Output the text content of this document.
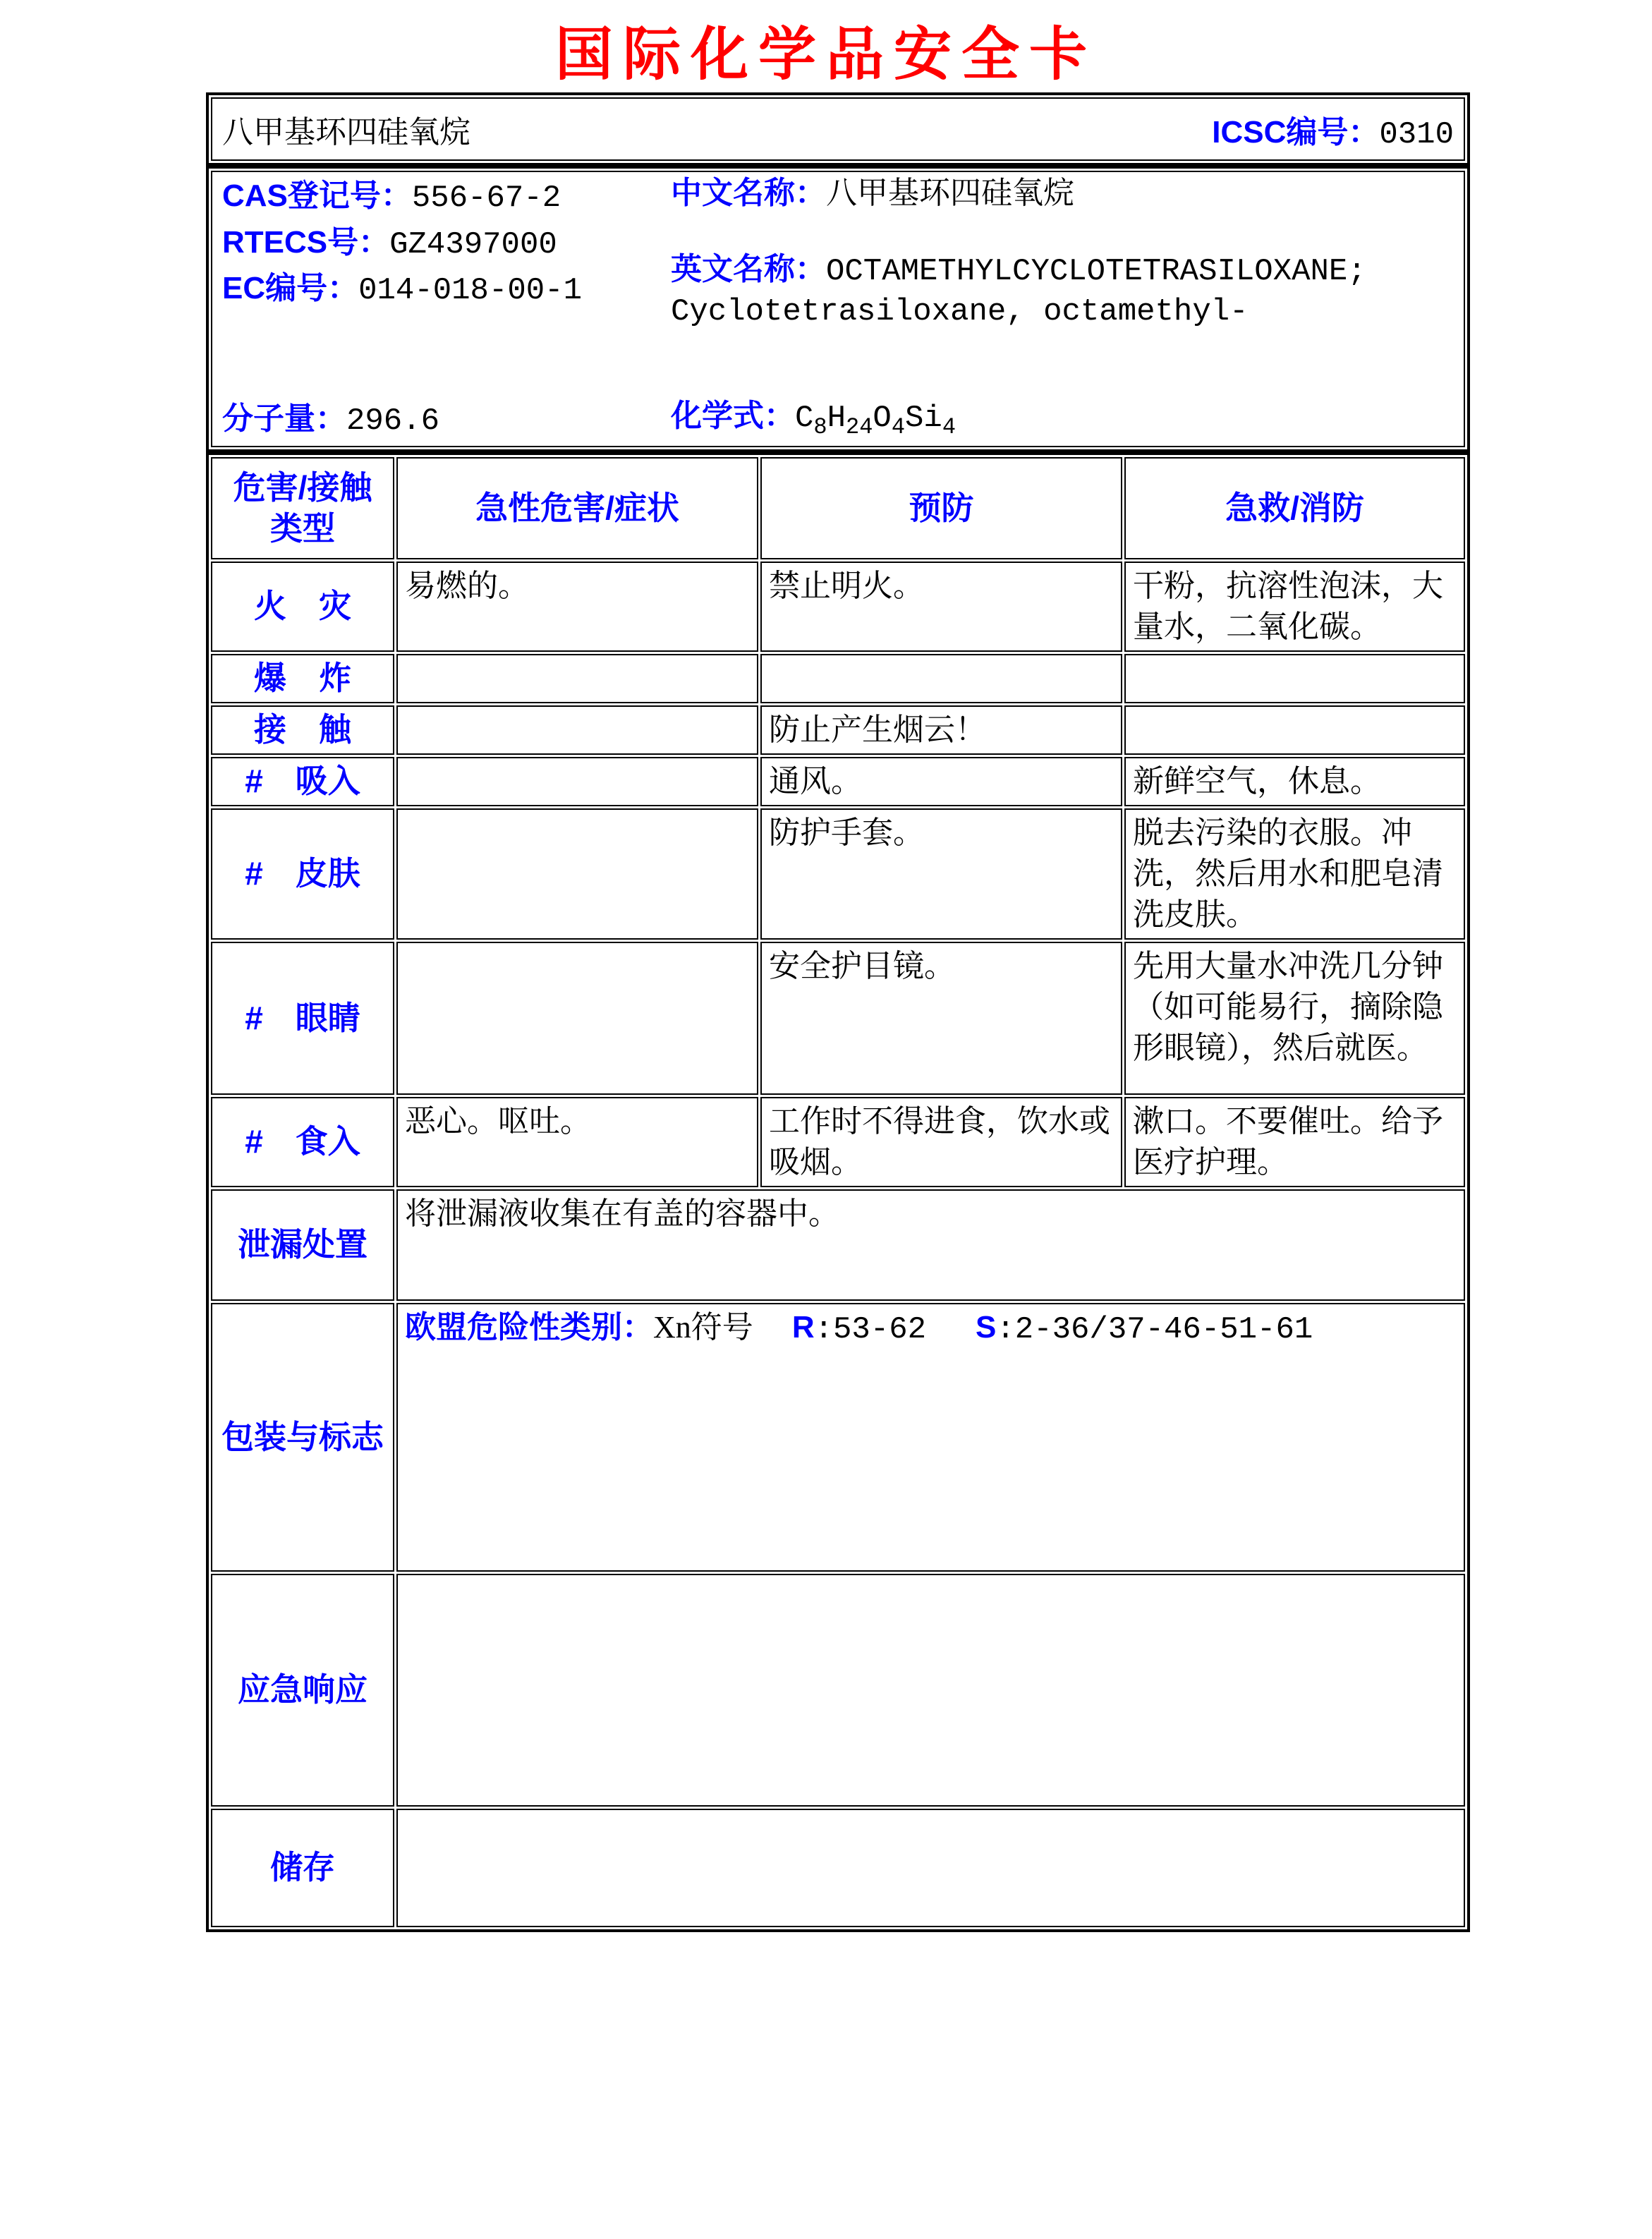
国际化学品安全卡
八甲基环四硅氧烷	ICSC编号：0310
CAS登记号：556-67-2
RTECS号：GZ4397000
EC编号：014-018-00-1
分子量：296.6
中文名称：八甲基环四硅氧烷
英文名称：OCTAMETHYLCYCLOTETRASILOXANE;
Cyclotetrasiloxane, octamethyl-
化学式：$C_8H_{24}O_4Si_4$
危害/接触
类型	急性危害/症状	预防	急救/消防
火　灾	易燃的。	禁止明火。	干粉，抗溶性泡沫，大量水，二氧化碳。
爆　炸			
接　触		防止产生烟云！	
#　吸入		通风。	新鲜空气，休息。
#　皮肤		防护手套。	脱去污染的衣服。冲洗，然后用水和肥皂清洗皮肤。
#　眼睛		安全护目镜。	先用大量水冲洗几分钟（如可能易行，摘除隐形眼镜），然后就医。
#　食入	恶心。呕吐。	工作时不得进食，饮水或吸烟。	漱口。不要催吐。给予医疗护理。
泄漏处置	将泄漏液收集在有盖的容器中。		
包装与标志	欧盟危险性类别：Xn符号 R:53-62 S:2-36/37-46-51-61		
应急响应			
储存			
